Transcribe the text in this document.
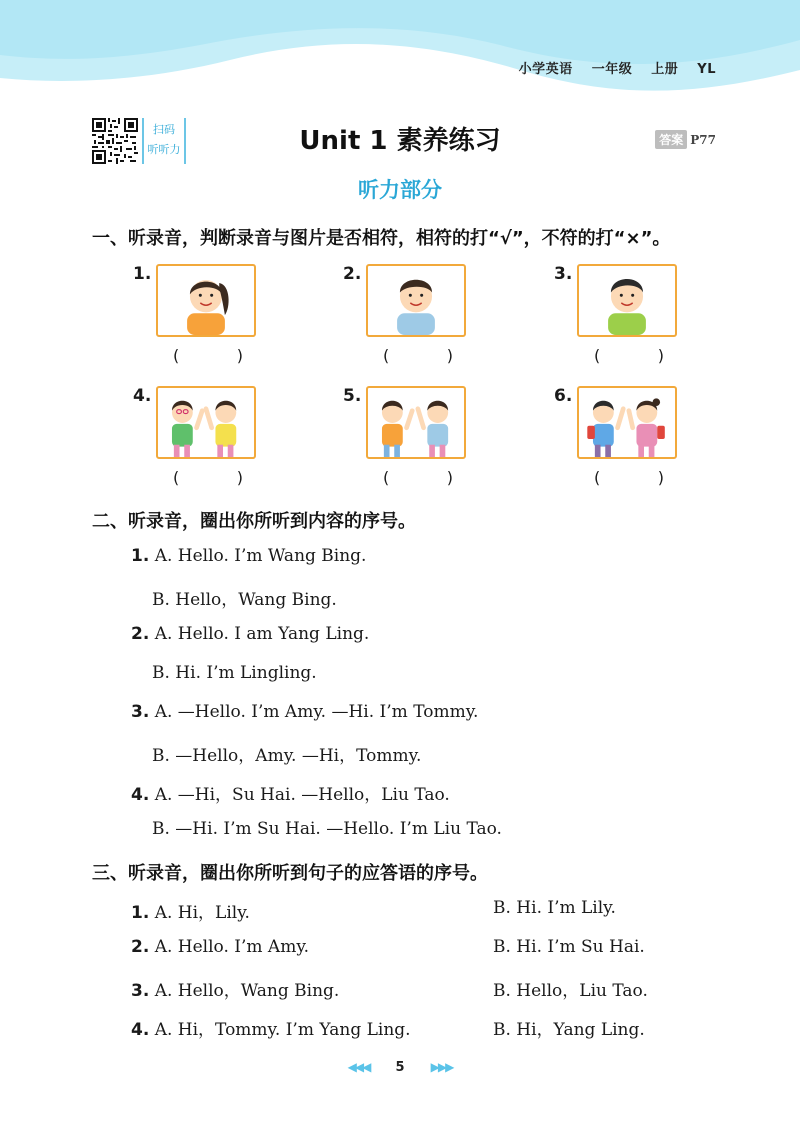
小学英语 一年级 上册 YL
扫码
听听力	Unit 1 素养练习	答案 P77
听力部分
一、听录音，判断录音与图片是否相符，相符的打“√”，不符的打“×”。
1.
(	)
2.
(	)
3.
(	)
4.
(	)
5.
(	)
6.
(	)
二、听录音，圈出你所听到内容的序号。
1. A. Hello. I’m Wang Bing.
B. Hello，Wang Bing.
2. A. Hello. I am Yang Ling.
B. Hi. I’m Lingling.
3. A. —Hello. I’m Amy. —Hi. I’m Tommy.
B. —Hello，Amy. —Hi，Tommy.
4. A. —Hi，Su Hai. —Hello，Liu Tao.
B. —Hi. I’m Su Hai. —Hello. I’m Liu Tao.
三、听录音，圈出你所听到句子的应答语的序号。
1. A. Hi，Lily.	B. Hi. I’m Lily.
2. A. Hello. I’m Amy.	B. Hi. I’m Su Hai.
3. A. Hello，Wang Bing.	B. Hello，Liu Tao.
4. A. Hi，Tommy. I’m Yang Ling.	B. Hi，Yang Ling.
◀◀◀ 5 ▶▶▶
